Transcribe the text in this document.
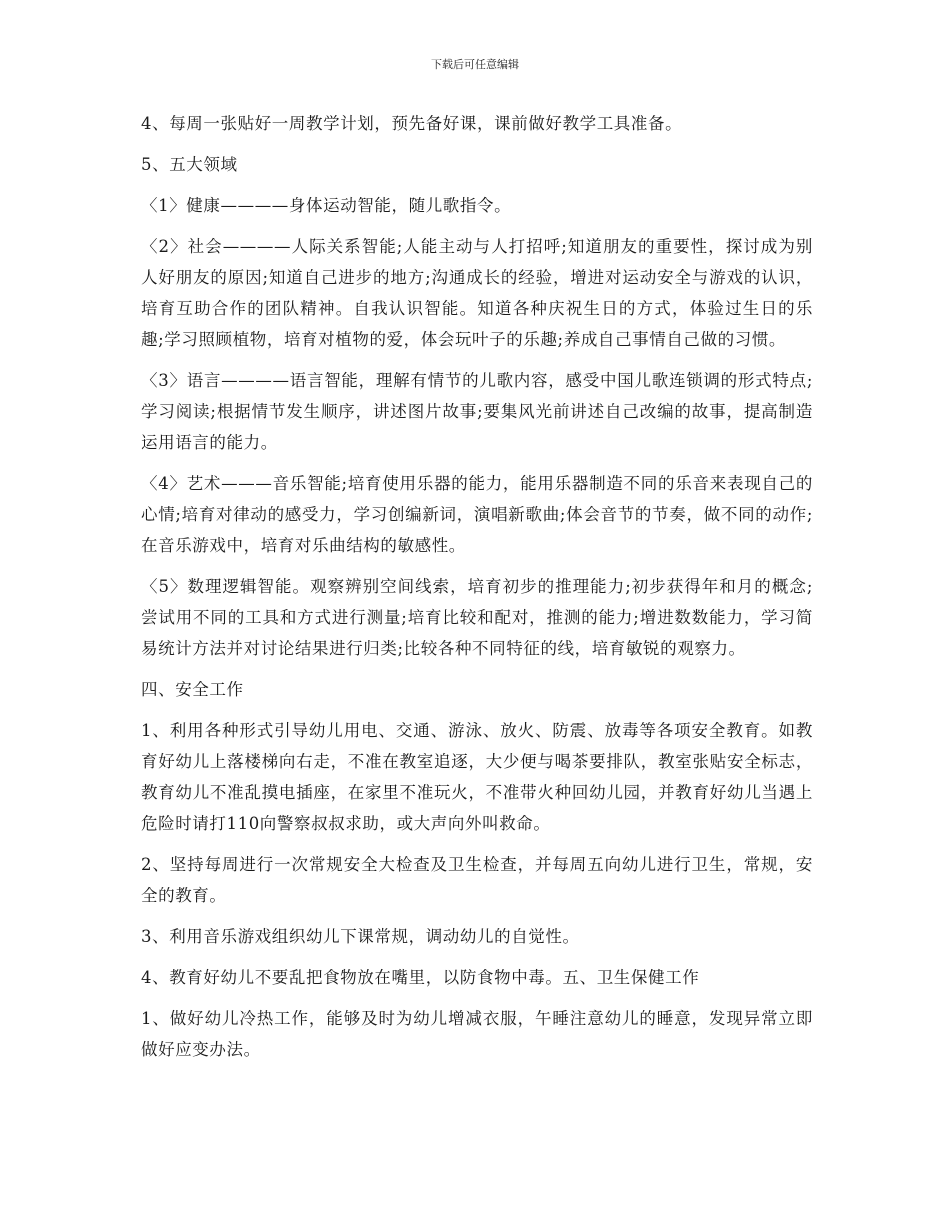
下载后可任意编辑

4、每周一张贴好一周教学计划，预先备好课，课前做好教学工具准备。

5、五大领域

〈1〉健康————身体运动智能，随儿歌指令。

〈2〉社会————人际关系智能;人能主动与人打招呼;知道朋友的重要性，探讨成为别人好朋友的原因;知道自己进步的地方;沟通成长的经验，增进对运动安全与游戏的认识，培育互助合作的团队精神。自我认识智能。知道各种庆祝生日的方式，体验过生日的乐趣;学习照顾植物，培育对植物的爱，体会玩叶子的乐趣;养成自己事情自己做的习惯。

〈3〉语言————语言智能，理解有情节的儿歌内容，感受中国儿歌连锁调的形式特点;学习阅读;根据情节发生顺序，讲述图片故事;要集风光前讲述自己改编的故事，提高制造运用语言的能力。

〈4〉艺术———音乐智能;培育使用乐器的能力，能用乐器制造不同的乐音来表现自己的心情;培育对律动的感受力，学习创编新词，演唱新歌曲;体会音节的节奏，做不同的动作;在音乐游戏中，培育对乐曲结构的敏感性。

〈5〉数理逻辑智能。观察辨别空间线索，培育初步的推理能力;初步获得年和月的概念;尝试用不同的工具和方式进行测量;培育比较和配对，推测的能力;增进数数能力，学习简易统计方法并对讨论结果进行归类;比较各种不同特征的线，培育敏锐的观察力。

四、安全工作

1、利用各种形式引导幼儿用电、交通、游泳、放火、防震、放毒等各项安全教育。如教育好幼儿上落楼梯向右走，不准在教室追逐，大少便与喝茶要排队，教室张贴安全标志，教育幼儿不准乱摸电插座，在家里不准玩火，不准带火种回幼儿园，并教育好幼儿当遇上危险时请打110向警察叔叔求助，或大声向外叫救命。

2、坚持每周进行一次常规安全大检查及卫生检查，并每周五向幼儿进行卫生，常规，安全的教育。

3、利用音乐游戏组织幼儿下课常规，调动幼儿的自觉性。

4、教育好幼儿不要乱把食物放在嘴里，以防食物中毒。五、卫生保健工作

1、做好幼儿冷热工作，能够及时为幼儿增减衣服，午睡注意幼儿的睡意，发现异常立即做好应变办法。
